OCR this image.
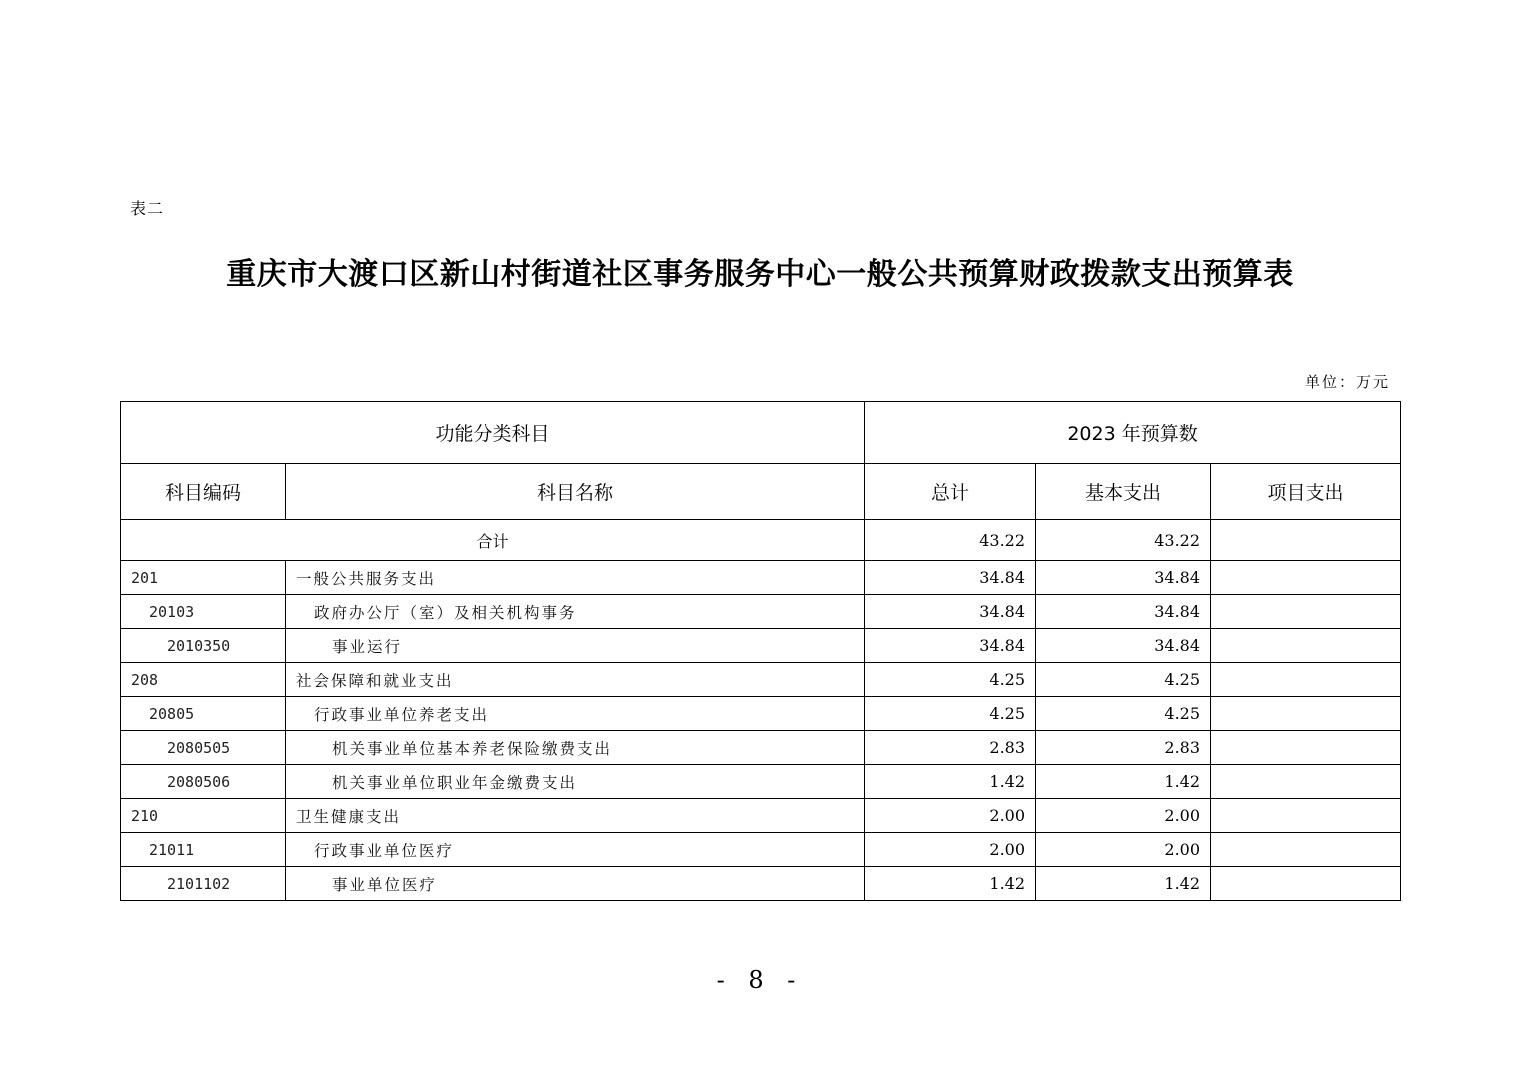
表二
重庆市大渡口区新山村街道社区事务服务中心一般公共预算财政拨款支出预算表
单位：万元
功能分类科目		2023 年预算数		
科目编码	科目名称	总计	基本支出	项目支出
合计		43.22	43.22	
201	一般公共服务支出	34.84	34.84	
20103	政府办公厅（室）及相关机构事务	34.84	34.84	
2010350	事业运行	34.84	34.84	
208	社会保障和就业支出	4.25	4.25	
20805	行政事业单位养老支出	4.25	4.25	
2080505	机关事业单位基本养老保险缴费支出	2.83	2.83	
2080506	机关事业单位职业年金缴费支出	1.42	1.42	
210	卫生健康支出	2.00	2.00	
21011	行政事业单位医疗	2.00	2.00	
2101102	事业单位医疗	1.42	1.42	
- 8 -
